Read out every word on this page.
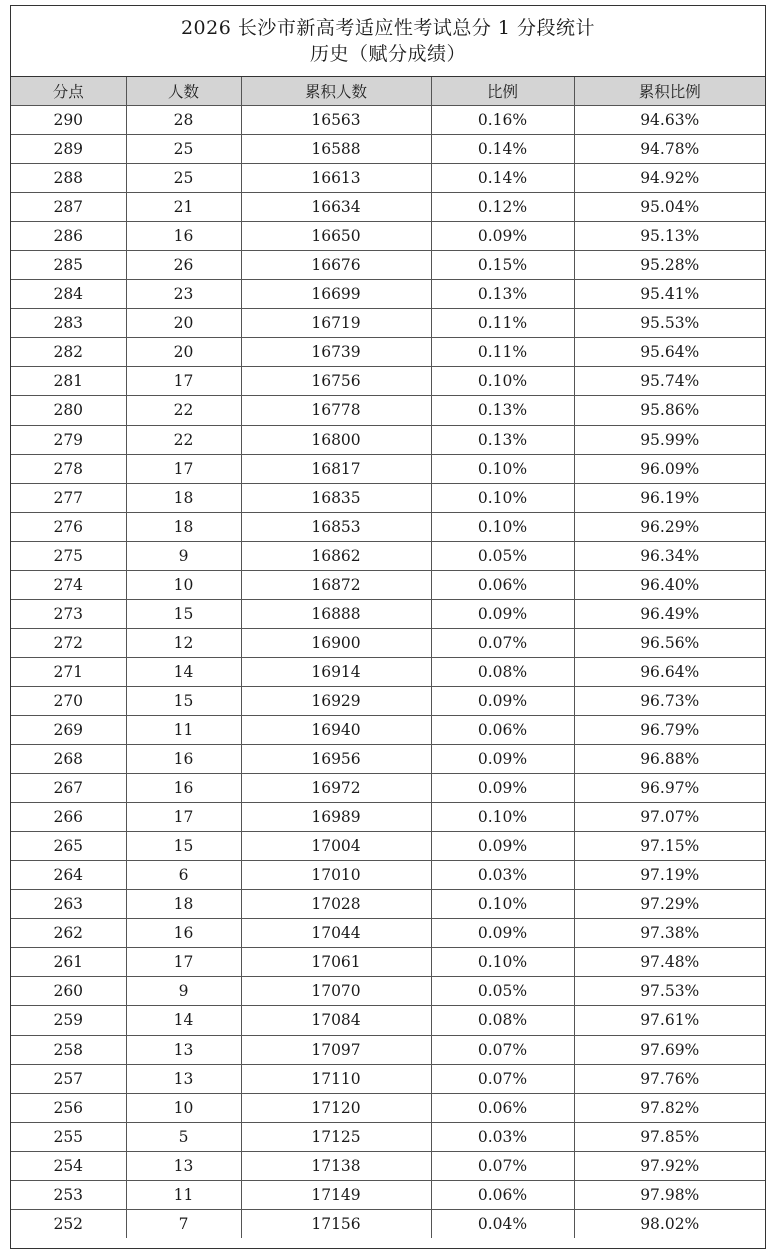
2026 长沙市新高考适应性考试总分 1 分段统计
历史（赋分成绩）
分点	人数	累积人数	比例	累积比例
290	28	16563	0.16%	94.63%
289	25	16588	0.14%	94.78%
288	25	16613	0.14%	94.92%
287	21	16634	0.12%	95.04%
286	16	16650	0.09%	95.13%
285	26	16676	0.15%	95.28%
284	23	16699	0.13%	95.41%
283	20	16719	0.11%	95.53%
282	20	16739	0.11%	95.64%
281	17	16756	0.10%	95.74%
280	22	16778	0.13%	95.86%
279	22	16800	0.13%	95.99%
278	17	16817	0.10%	96.09%
277	18	16835	0.10%	96.19%
276	18	16853	0.10%	96.29%
275	9	16862	0.05%	96.34%
274	10	16872	0.06%	96.40%
273	15	16888	0.09%	96.49%
272	12	16900	0.07%	96.56%
271	14	16914	0.08%	96.64%
270	15	16929	0.09%	96.73%
269	11	16940	0.06%	96.79%
268	16	16956	0.09%	96.88%
267	16	16972	0.09%	96.97%
266	17	16989	0.10%	97.07%
265	15	17004	0.09%	97.15%
264	6	17010	0.03%	97.19%
263	18	17028	0.10%	97.29%
262	16	17044	0.09%	97.38%
261	17	17061	0.10%	97.48%
260	9	17070	0.05%	97.53%
259	14	17084	0.08%	97.61%
258	13	17097	0.07%	97.69%
257	13	17110	0.07%	97.76%
256	10	17120	0.06%	97.82%
255	5	17125	0.03%	97.85%
254	13	17138	0.07%	97.92%
253	11	17149	0.06%	97.98%
252	7	17156	0.04%	98.02%
